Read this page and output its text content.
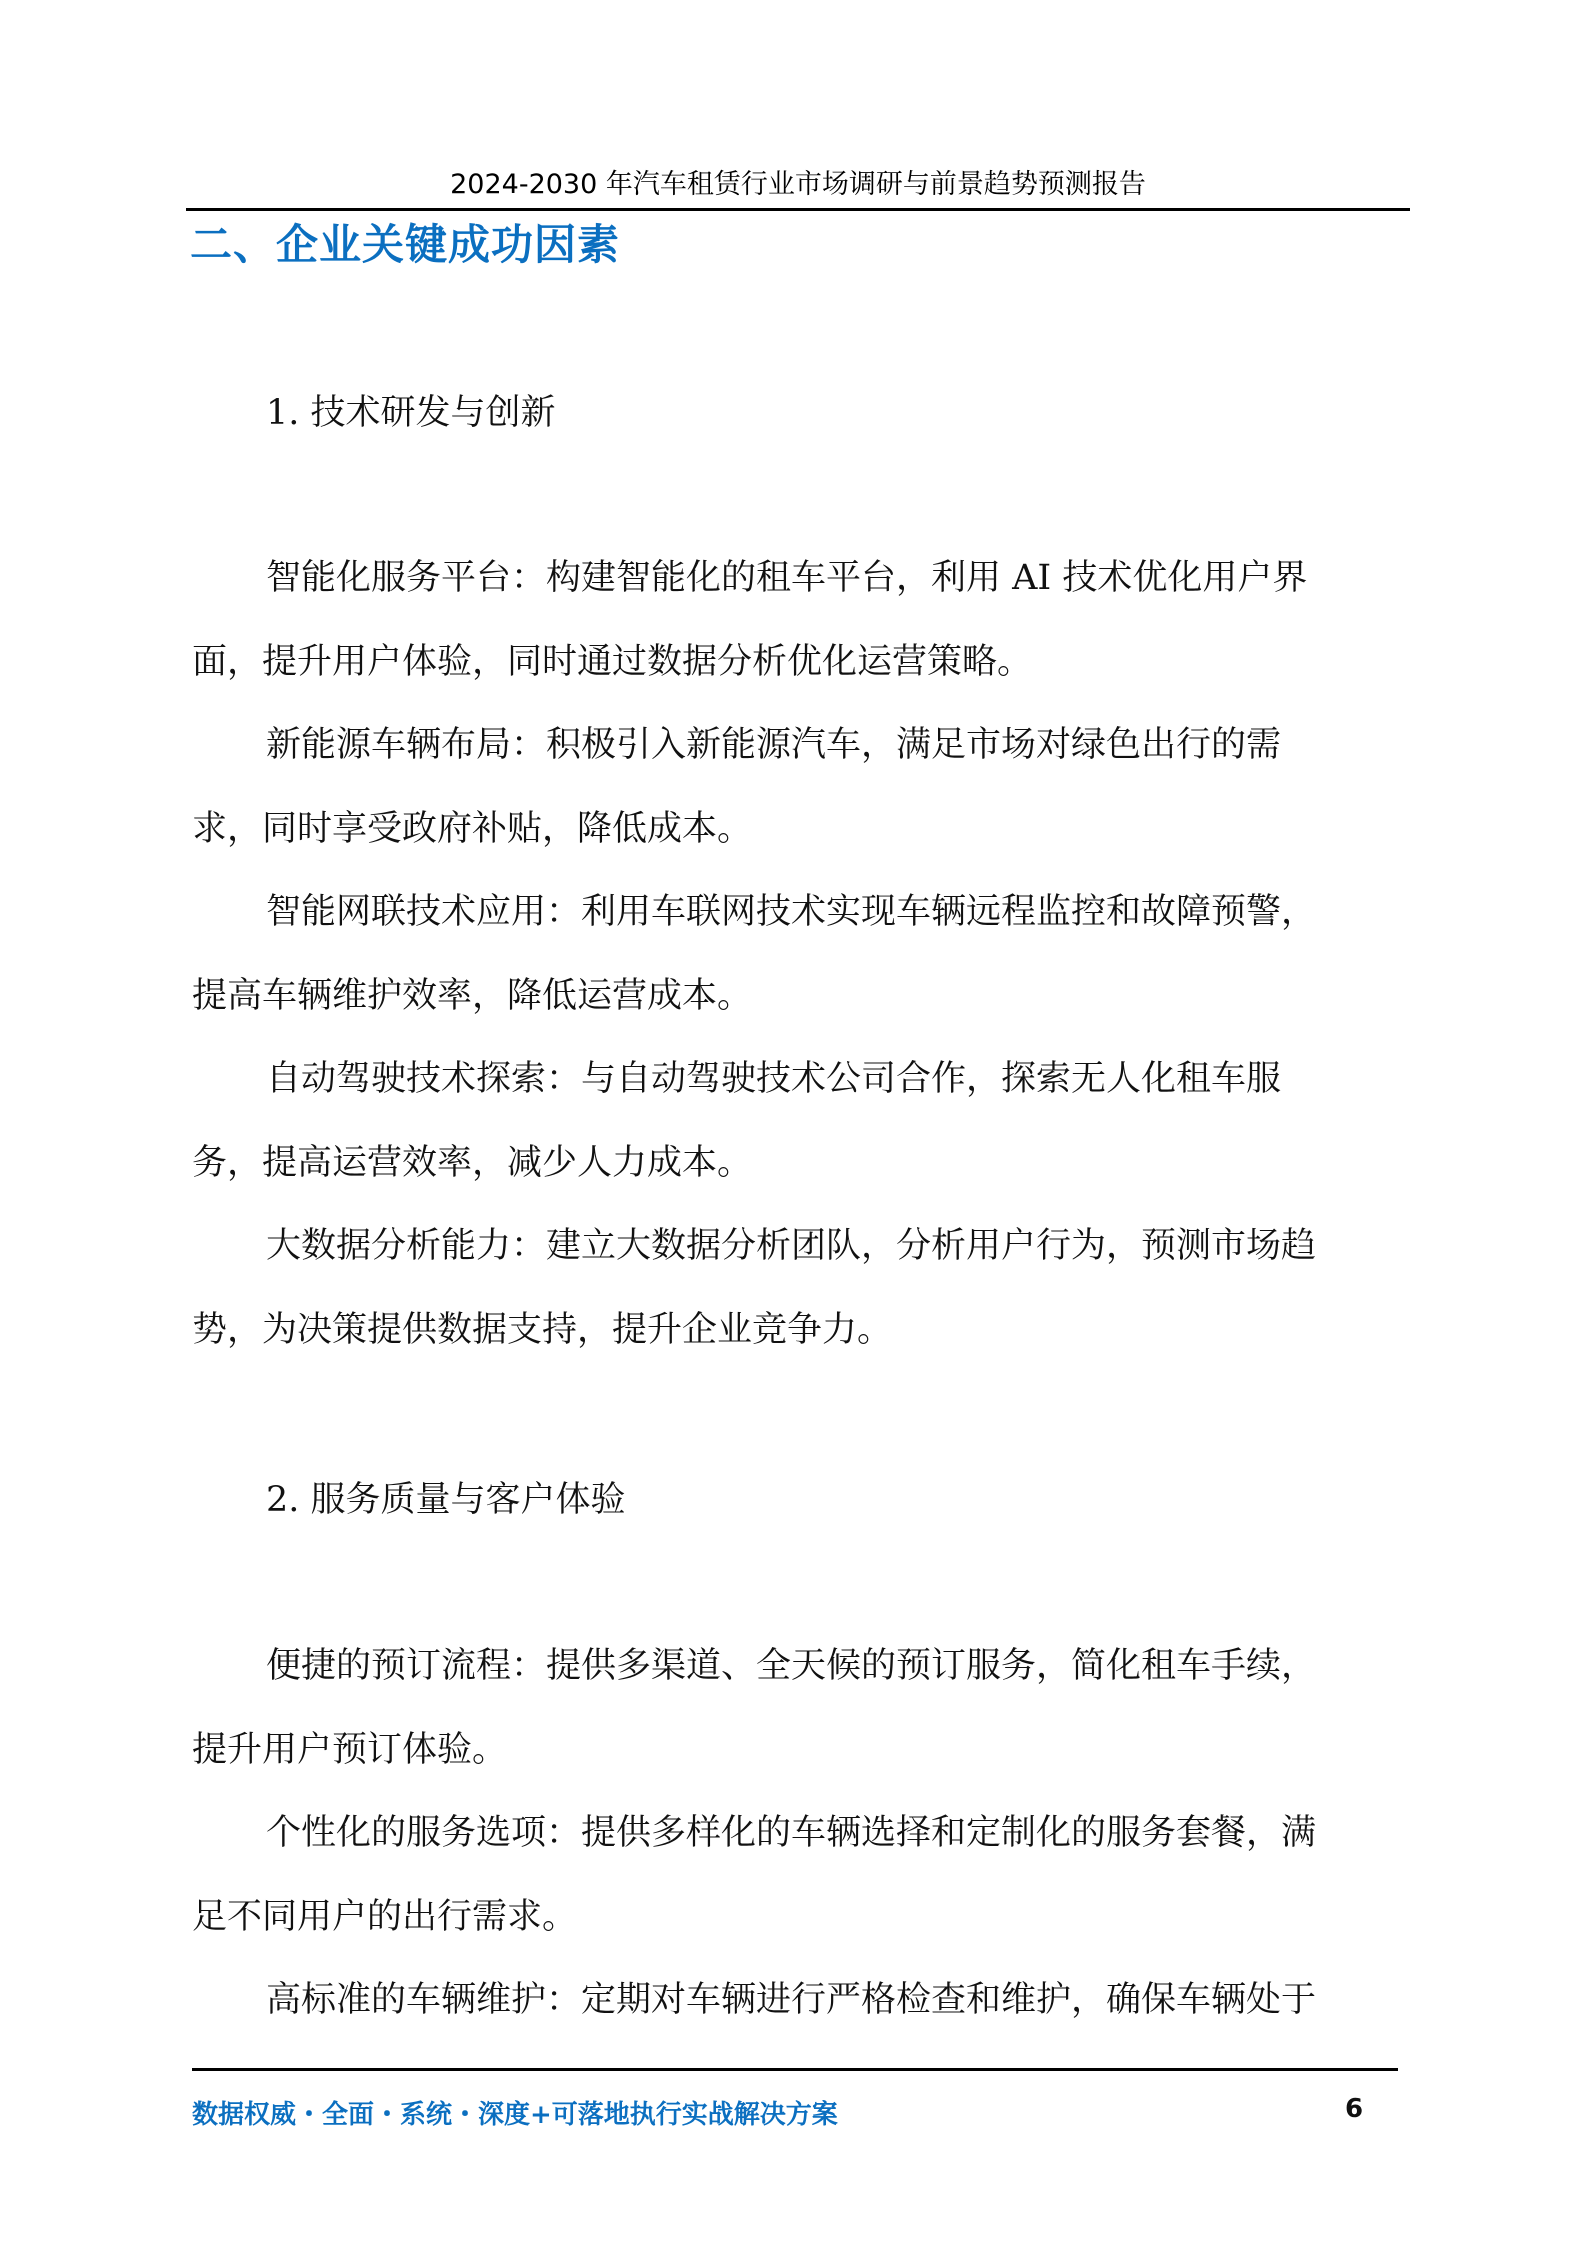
2024-2030 年汽车租赁行业市场调研与前景趋势预测报告
二、企业关键成功因素
1. 技术研发与创新
智能化服务平台：构建智能化的租车平台，利用 AI 技术优化用户界
面，提升用户体验，同时通过数据分析优化运营策略。
新能源车辆布局：积极引入新能源汽车，满足市场对绿色出行的需
求，同时享受政府补贴，降低成本。
智能网联技术应用：利用车联网技术实现车辆远程监控和故障预警，
提高车辆维护效率，降低运营成本。
自动驾驶技术探索：与自动驾驶技术公司合作，探索无人化租车服
务，提高运营效率，减少人力成本。
大数据分析能力：建立大数据分析团队，分析用户行为，预测市场趋
势，为决策提供数据支持，提升企业竞争力。
2. 服务质量与客户体验
便捷的预订流程：提供多渠道、全天候的预订服务，简化租车手续，
提升用户预订体验。
个性化的服务选项：提供多样化的车辆选择和定制化的服务套餐，满
足不同用户的出行需求。
高标准的车辆维护：定期对车辆进行严格检查和维护，确保车辆处于
数据权威・全面・系统・深度+可落地执行实战解决方案	6
